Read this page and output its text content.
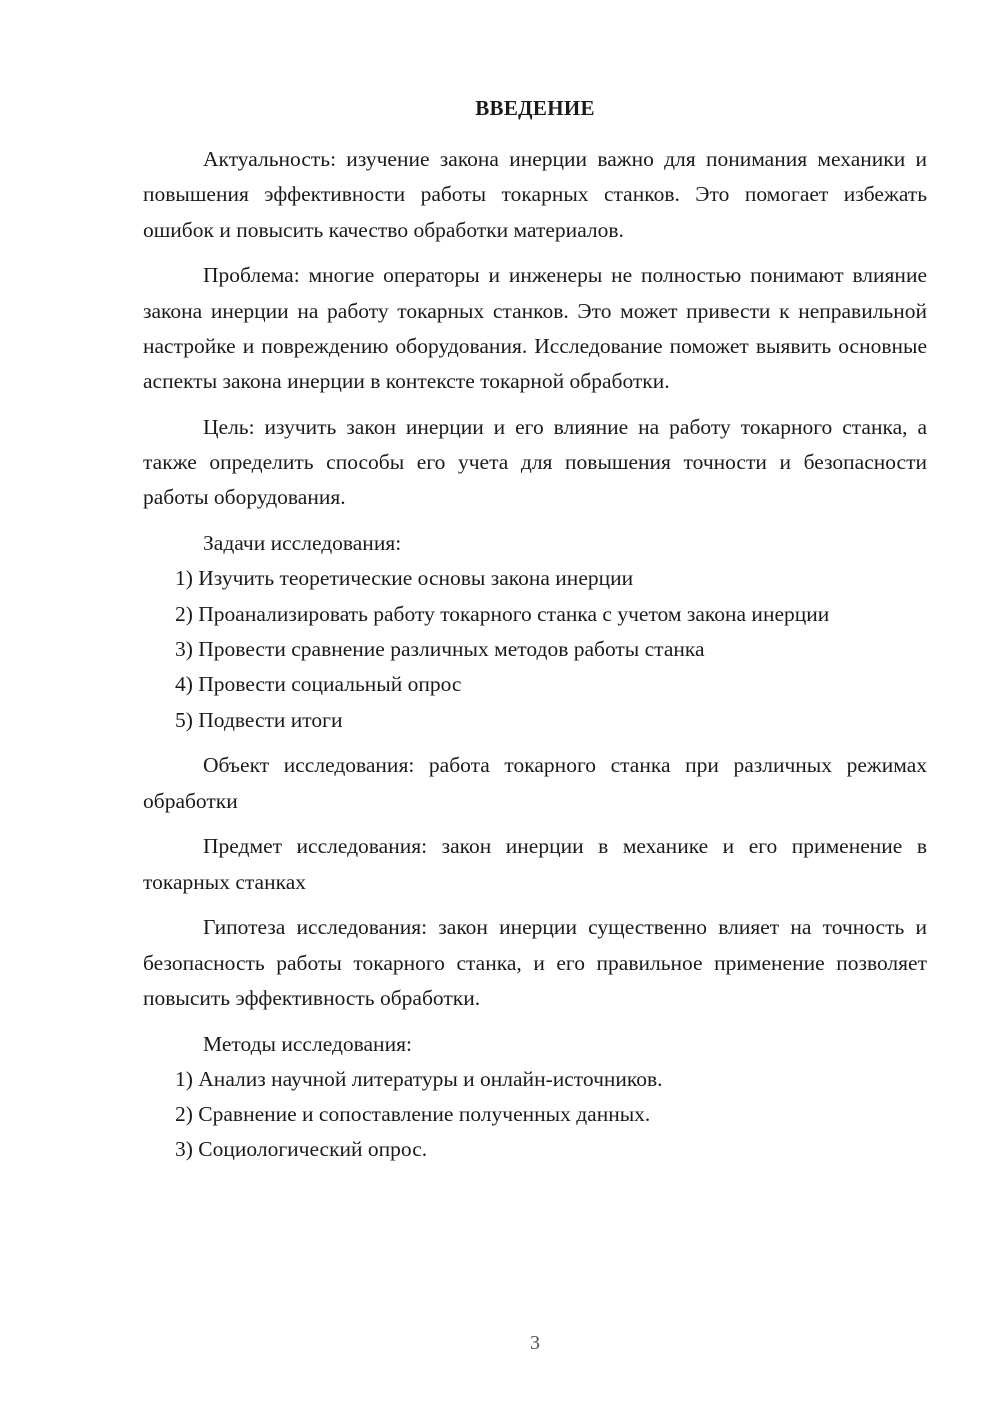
ВВЕДЕНИЕ

Актуальность: изучение закона инерции важно для понимания механики и повышения эффективности работы токарных станков. Это помогает избежать ошибок и повысить качество обработки материалов.

Проблема: многие операторы и инженеры не полностью понимают влияние закона инерции на работу токарных станков. Это может привести к неправильной настройке и повреждению оборудования. Исследование поможет выявить основные аспекты закона инерции в контексте токарной обработки.

Цель: изучить закон инерции и его влияние на работу токарного станка, а также определить способы его учета для повышения точности и безопасности работы оборудования.

Задачи исследования:

1) Изучить теоретические основы закона инерции

2) Проанализировать работу токарного станка с учетом закона инерции

3) Провести сравнение различных методов работы станка

4) Провести социальный опрос

5) Подвести итоги

Объект исследования: работа токарного станка при различных режимах обработки

Предмет исследования: закон инерции в механике и его применение в токарных станках

Гипотеза исследования: закон инерции существенно влияет на точность и безопасность работы токарного станка, и его правильное применение позволяет повысить эффективность обработки.

Методы исследования:

1) Анализ научной литературы и онлайн-источников.

2) Сравнение и сопоставление полученных данных.

3) Социологический опрос.

3
